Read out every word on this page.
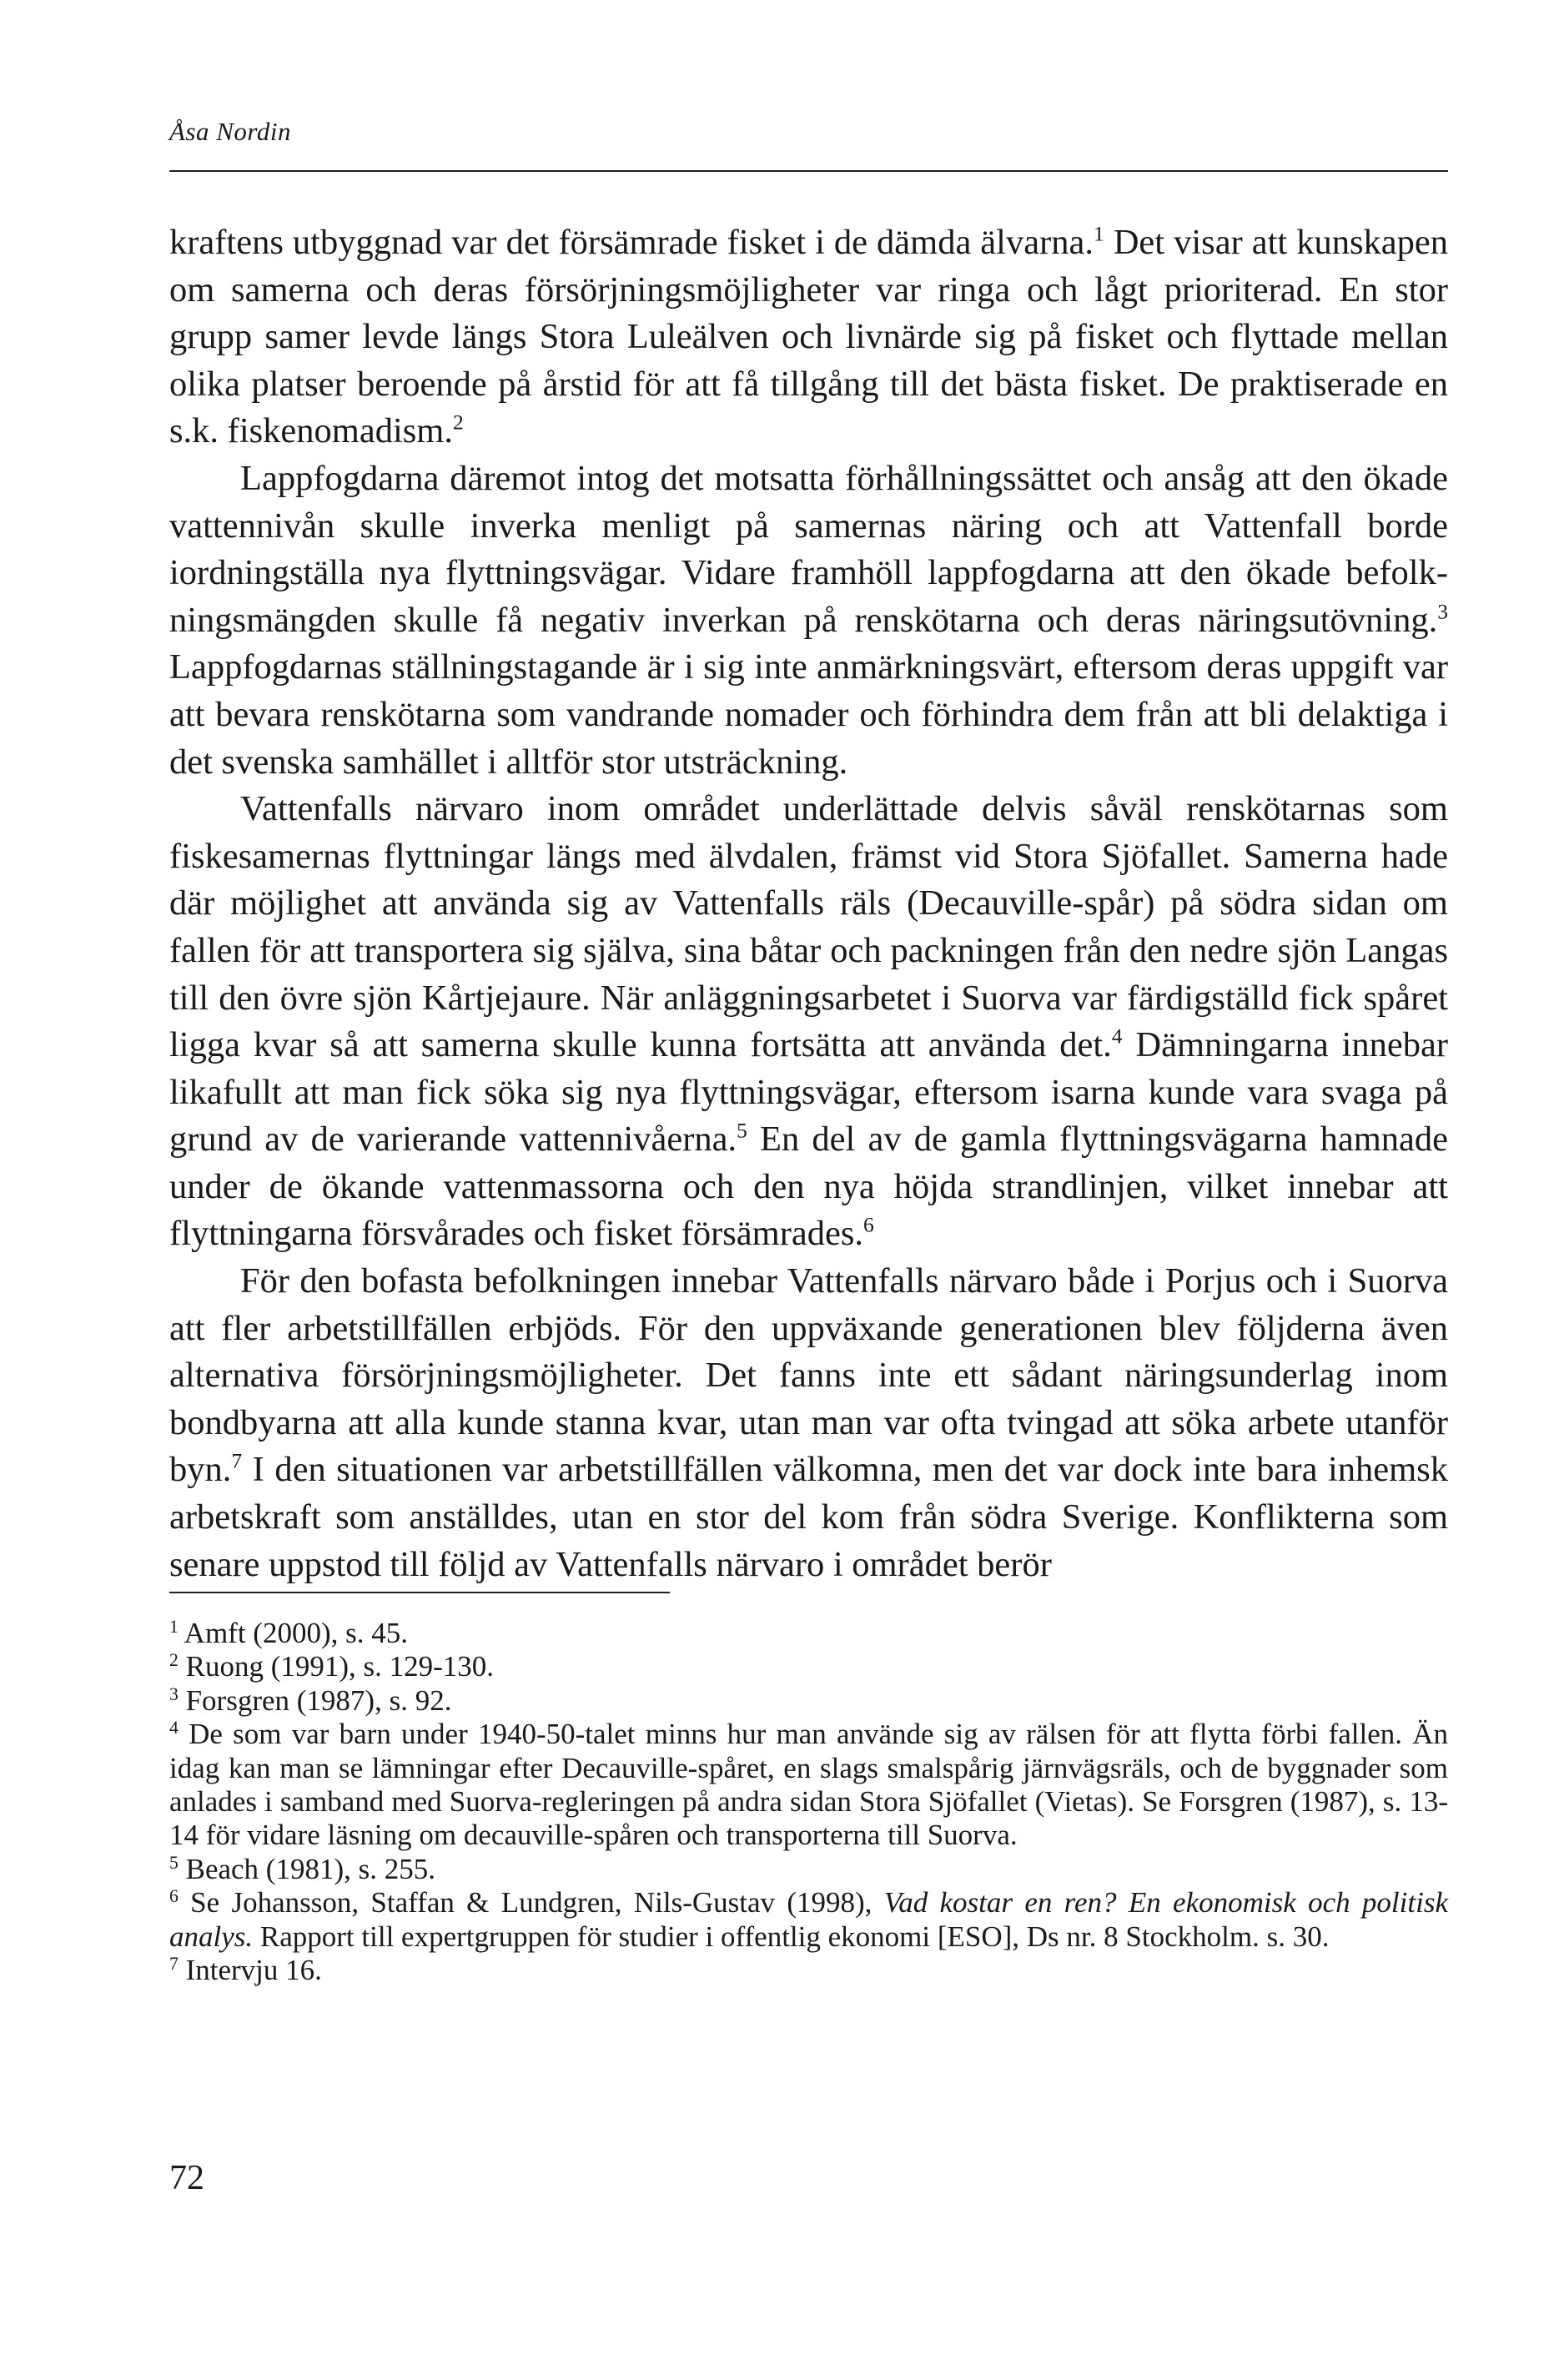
Åsa Nordin

kraftens utbyggnad var det försämrade fisket i de dämda älvarna.$^1$ Det visar att kunskapen om samerna och deras försörjningsmöjligheter var ringa och lågt prioriterad. En stor grupp samer levde längs Stora Luleälven och livnärde sig på fisket och flyttade mellan olika platser beroende på årstid för att få tillgång till det bästa fisket. De praktiserade en s.k. fiskenomadism.$^2$

Lappfogdarna däremot intog det motsatta förhållningssättet och ansåg att den ökade vattennivån skulle inverka menligt på samernas näring och att Vattenfall borde iordningställa nya flyttningsvägar. Vidare framhöll lappfogdarna att den ökade befolkningsmängden skulle få negativ inverkan på renskötarna och deras näringsutövning.$^3$ Lappfogdarnas ställningstagande är i sig inte anmärkningsvärt, eftersom deras uppgift var att bevara renskötarna som vandrande nomader och förhindra dem från att bli delaktiga i det svenska samhället i alltför stor utsträckning.

Vattenfalls närvaro inom området underlättade delvis såväl renskötarnas som fiskesamernas flyttningar längs med älvdalen, främst vid Stora Sjöfallet. Samerna hade där möjlighet att använda sig av Vattenfalls räls (Decauville-spår) på södra sidan om fallen för att transportera sig själva, sina båtar och packningen från den nedre sjön Langas till den övre sjön Kårtjejaure. När anläggningsarbetet i Suorva var färdigställd fick spåret ligga kvar så att samerna skulle kunna fortsätta att använda det.$^4$ Dämningarna innebar likafullt att man fick söka sig nya flyttningsvägar, eftersom isarna kunde vara svaga på grund av de varierande vattennivåerna.$^5$ En del av de gamla flyttningsvägarna hamnade under de ökande vattenmassorna och den nya höjda strandlinjen, vilket innebar att flyttningarna försvårades och fisket försämrades.$^6$

För den bofasta befolkningen innebar Vattenfalls närvaro både i Porjus och i Suorva att fler arbetstillfällen erbjöds. För den uppväxande generationen blev följderna även alternativa försörjningsmöjligheter. Det fanns inte ett sådant näringsunderlag inom bondbyarna att alla kunde stanna kvar, utan man var ofta tvingad att söka arbete utanför byn.$^7$ I den situationen var arbetstillfällen välkomna, men det var dock inte bara inhemsk arbetskraft som anställdes, utan en stor del kom från södra Sverige. Konflikterna som senare uppstod till följd av Vattenfalls närvaro i området berör

$^1$ Amft (2000), s. 45.

$^2$ Ruong (1991), s. 129-130.

$^3$ Forsgren (1987), s. 92.

$^4$ De som var barn under 1940-50-talet minns hur man använde sig av rälsen för att flytta förbi fallen. Än idag kan man se lämningar efter Decauville-spåret, en slags smalspårig järnvägsräls, och de byggnader som anlades i samband med Suorva-regleringen på andra sidan Stora Sjöfallet (Vietas). Se Forsgren (1987), s. 13-14 för vidare läsning om decauville-spåren och transporterna till Suorva.

$^5$ Beach (1981), s. 255.

$^6$ Se Johansson, Staffan & Lundgren, Nils-Gustav (1998), Vad kostar en ren? En ekonomisk och politisk analys. Rapport till expertgruppen för studier i offentlig ekonomi [ESO], Ds nr. 8 Stockholm. s. 30.

$^7$ Intervju 16.

72
